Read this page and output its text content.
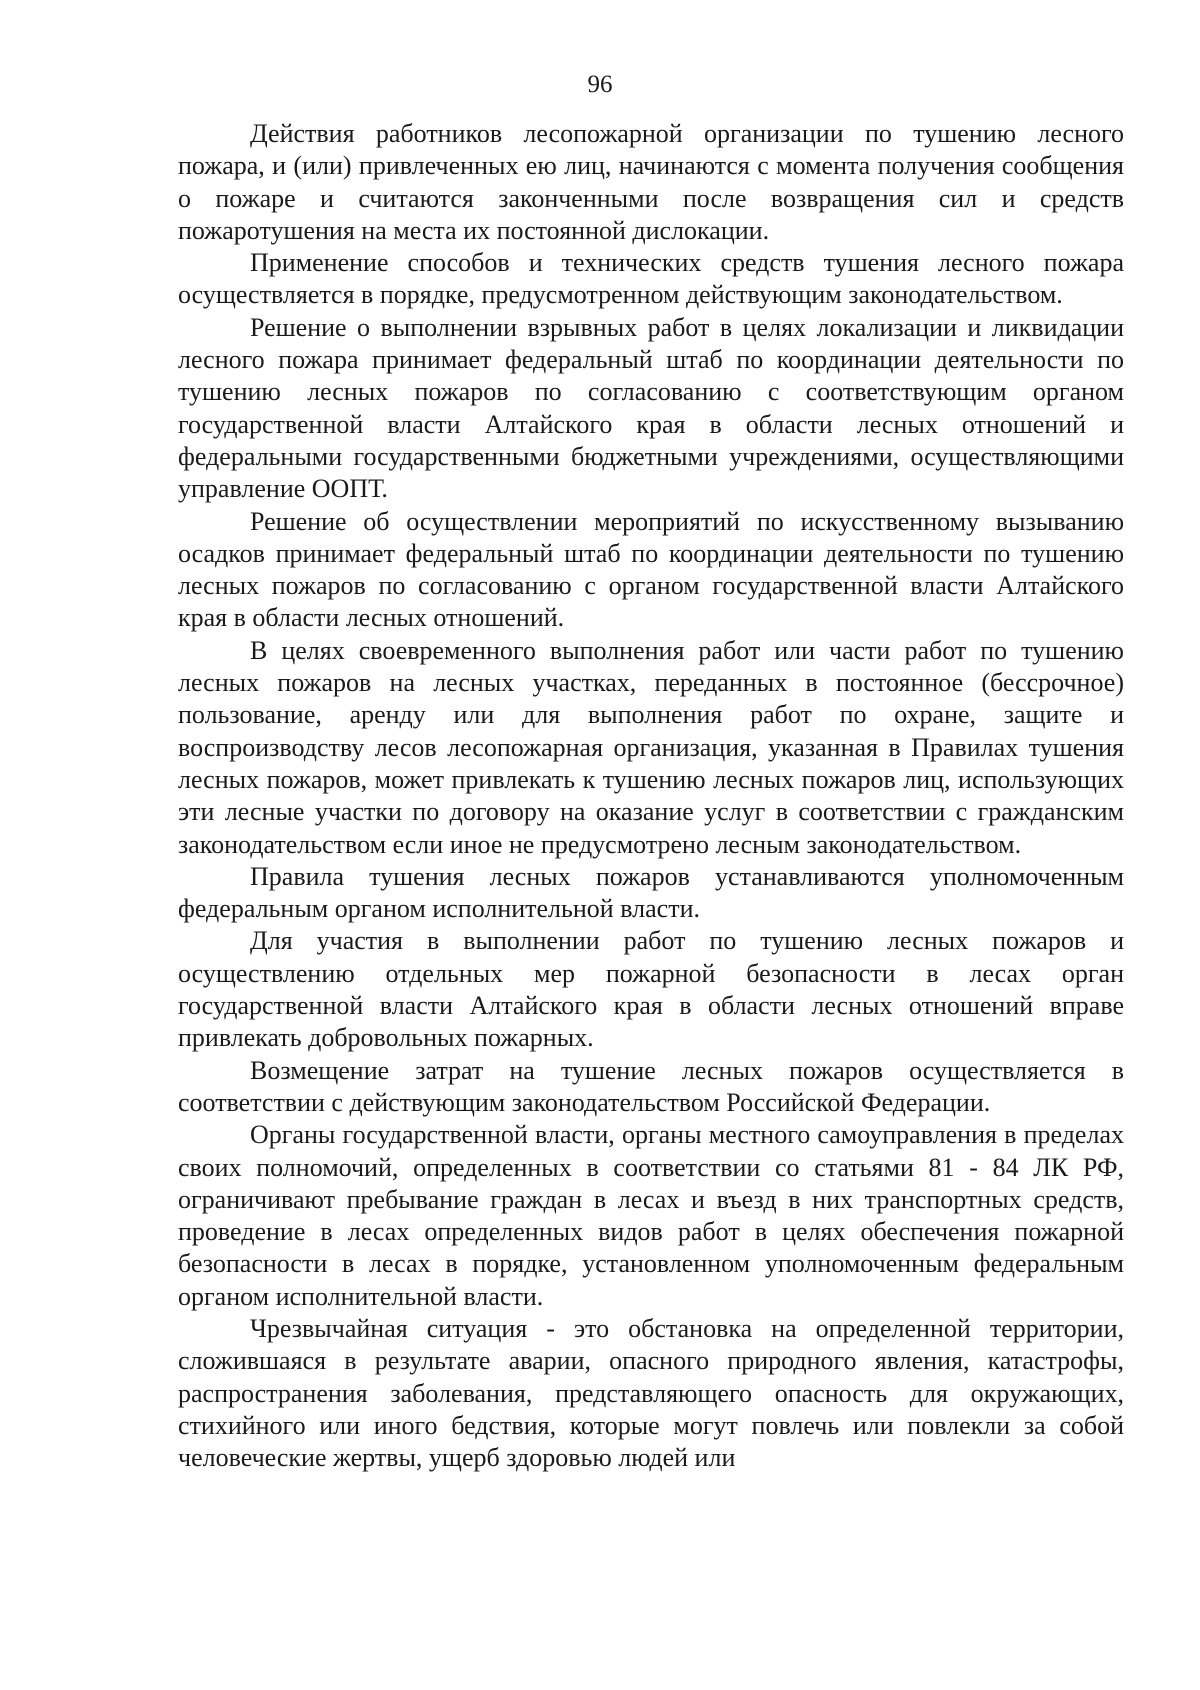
96

Действия работников лесопожарной организации по тушению лесного пожара, и (или) привлеченных ею лиц, начинаются с момента получения сообщения о пожаре и считаются законченными после возвращения сил и средств пожаротушения на места их постоянной дислокации.

Применение способов и технических средств тушения лесного пожара осуществляется в порядке, предусмотренном действующим законодательством.

Решение о выполнении взрывных работ в целях локализации и ликвидации лесного пожара принимает федеральный штаб по координации деятельности по тушению лесных пожаров по согласованию с соответствующим органом государственной власти Алтайского края в области лесных отношений и федеральными государственными бюджетными учреждениями, осуществляющими управление ООПТ.

Решение об осуществлении мероприятий по искусственному вызыванию осадков принимает федеральный штаб по координации деятельности по тушению лесных пожаров по согласованию с органом государственной власти Алтайского края в области лесных отношений.

В целях своевременного выполнения работ или части работ по тушению лесных пожаров на лесных участках, переданных в постоянное (бессрочное) пользование, аренду или для выполнения работ по охране, защите и воспроизводству лесов лесопожарная организация, указанная в Правилах тушения лесных пожаров, может привлекать к тушению лесных пожаров лиц, использующих эти лесные участки по договору на оказание услуг в соответствии с гражданским законодательством если иное не предусмотрено лесным законодательством.

Правила тушения лесных пожаров устанавливаются уполномоченным федеральным органом исполнительной власти.

Для участия в выполнении работ по тушению лесных пожаров и осуществлению отдельных мер пожарной безопасности в лесах орган государственной власти Алтайского края в области лесных отношений вправе привлекать добровольных пожарных.

Возмещение затрат на тушение лесных пожаров осуществляется в соответствии с действующим законодательством Российской Федерации.

Органы государственной власти, органы местного самоуправления в пределах своих полномочий, определенных в соответствии со статьями 81 - 84 ЛК РФ, ограничивают пребывание граждан в лесах и въезд в них транспортных средств, проведение в лесах определенных видов работ в целях обеспечения пожарной безопасности в лесах в порядке, установленном уполномоченным федеральным органом исполнительной власти.

Чрезвычайная ситуация - это обстановка на определенной территории, сложившаяся в результате аварии, опасного природного явления, катастрофы, распространения заболевания, представляющего опасность для окружающих, стихийного или иного бедствия, которые могут повлечь или повлекли за собой человеческие жертвы, ущерб здоровью людей или
